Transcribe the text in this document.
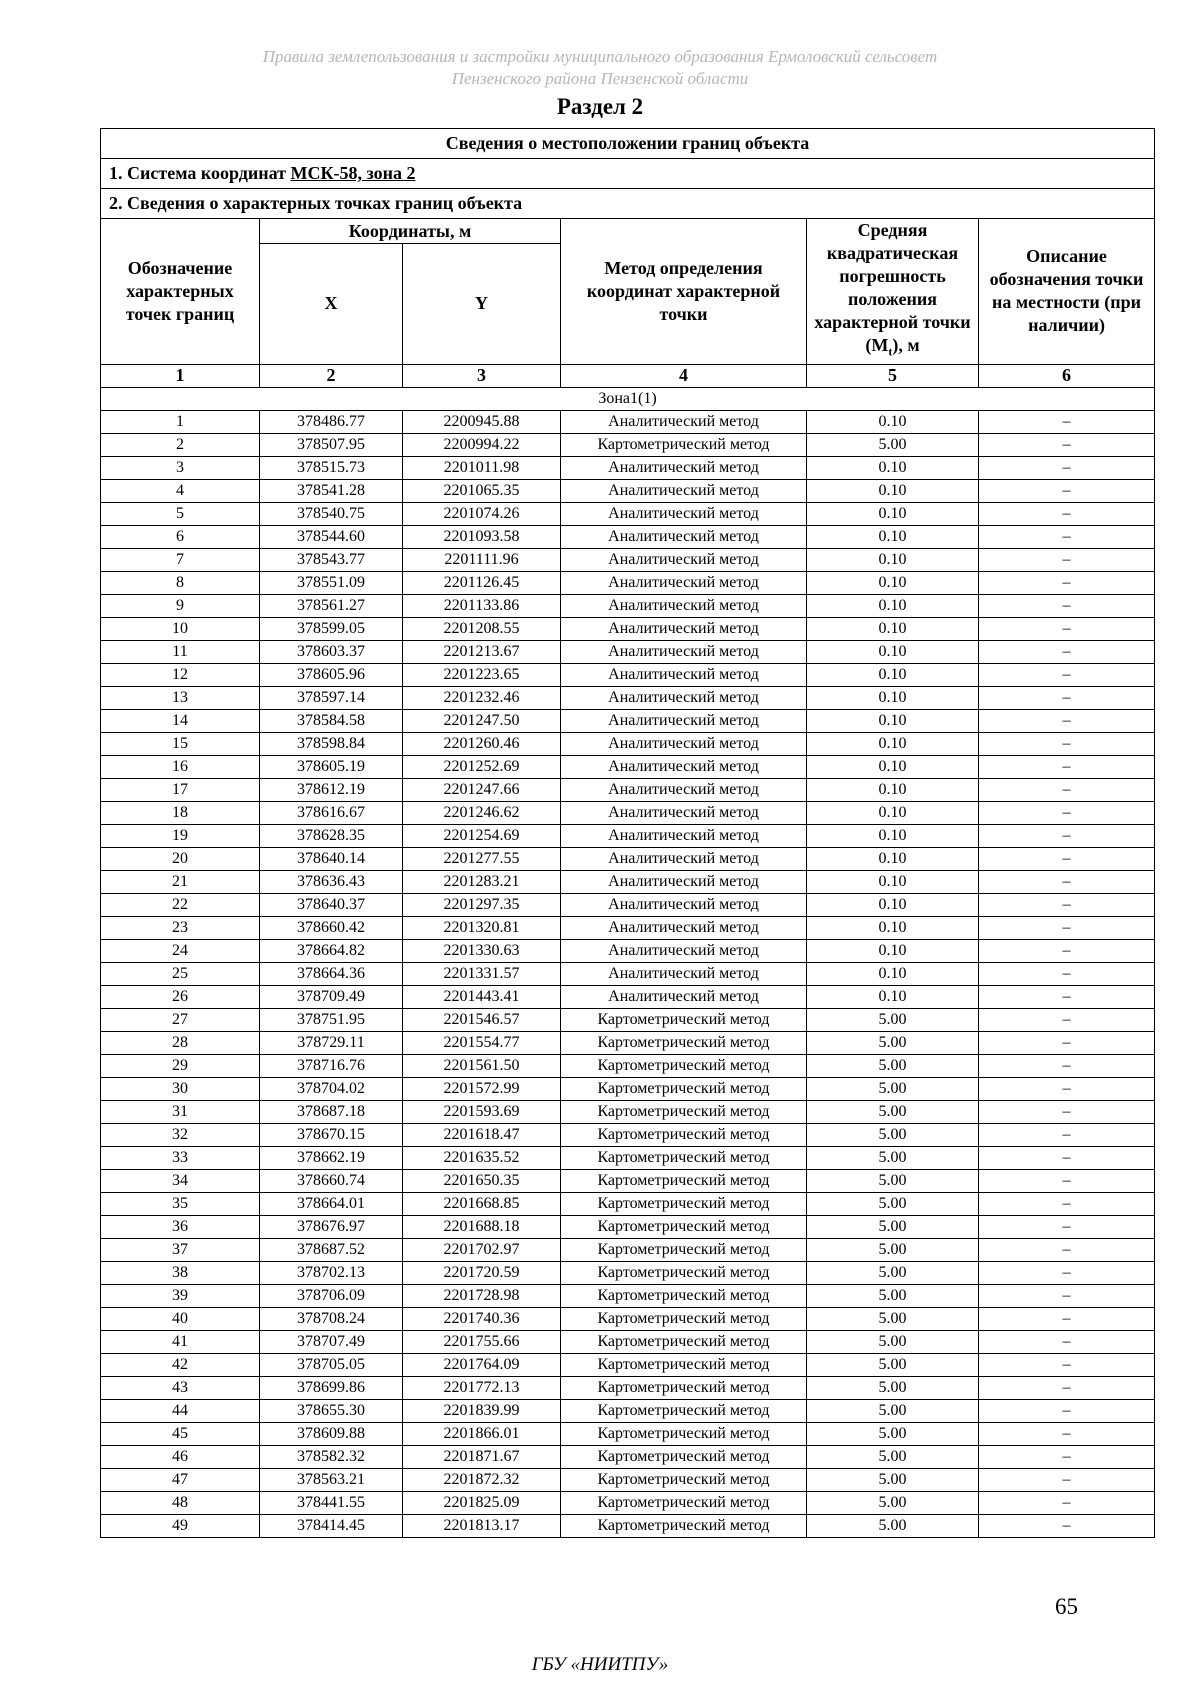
Правила землепользования и застройки муниципального образования Ермоловский сельсовет
Пензенского района Пензенской области
Раздел 2
Сведения о местоположении границ объекта					
1. Система координат МСК-58, зона 2					
2. Сведения о характерных точках границ объекта					
Обозначение характерных точек границ	Координаты, м		Метод определения координат характерной точки	Средняя квадратическая погрешность положения характерной точки $(M_t)$, м	Описание обозначения точки на местности (при наличии)
	X	Y			
1	2	3	4	5	6
Зона1(1)					
1	378486.77	2200945.88	Аналитический метод	0.10	–
2	378507.95	2200994.22	Картометрический метод	5.00	–
3	378515.73	2201011.98	Аналитический метод	0.10	–
4	378541.28	2201065.35	Аналитический метод	0.10	–
5	378540.75	2201074.26	Аналитический метод	0.10	–
6	378544.60	2201093.58	Аналитический метод	0.10	–
7	378543.77	2201111.96	Аналитический метод	0.10	–
8	378551.09	2201126.45	Аналитический метод	0.10	–
9	378561.27	2201133.86	Аналитический метод	0.10	–
10	378599.05	2201208.55	Аналитический метод	0.10	–
11	378603.37	2201213.67	Аналитический метод	0.10	–
12	378605.96	2201223.65	Аналитический метод	0.10	–
13	378597.14	2201232.46	Аналитический метод	0.10	–
14	378584.58	2201247.50	Аналитический метод	0.10	–
15	378598.84	2201260.46	Аналитический метод	0.10	–
16	378605.19	2201252.69	Аналитический метод	0.10	–
17	378612.19	2201247.66	Аналитический метод	0.10	–
18	378616.67	2201246.62	Аналитический метод	0.10	–
19	378628.35	2201254.69	Аналитический метод	0.10	–
20	378640.14	2201277.55	Аналитический метод	0.10	–
21	378636.43	2201283.21	Аналитический метод	0.10	–
22	378640.37	2201297.35	Аналитический метод	0.10	–
23	378660.42	2201320.81	Аналитический метод	0.10	–
24	378664.82	2201330.63	Аналитический метод	0.10	–
25	378664.36	2201331.57	Аналитический метод	0.10	–
26	378709.49	2201443.41	Аналитический метод	0.10	–
27	378751.95	2201546.57	Картометрический метод	5.00	–
28	378729.11	2201554.77	Картометрический метод	5.00	–
29	378716.76	2201561.50	Картометрический метод	5.00	–
30	378704.02	2201572.99	Картометрический метод	5.00	–
31	378687.18	2201593.69	Картометрический метод	5.00	–
32	378670.15	2201618.47	Картометрический метод	5.00	–
33	378662.19	2201635.52	Картометрический метод	5.00	–
34	378660.74	2201650.35	Картометрический метод	5.00	–
35	378664.01	2201668.85	Картометрический метод	5.00	–
36	378676.97	2201688.18	Картометрический метод	5.00	–
37	378687.52	2201702.97	Картометрический метод	5.00	–
38	378702.13	2201720.59	Картометрический метод	5.00	–
39	378706.09	2201728.98	Картометрический метод	5.00	–
40	378708.24	2201740.36	Картометрический метод	5.00	–
41	378707.49	2201755.66	Картометрический метод	5.00	–
42	378705.05	2201764.09	Картометрический метод	5.00	–
43	378699.86	2201772.13	Картометрический метод	5.00	–
44	378655.30	2201839.99	Картометрический метод	5.00	–
45	378609.88	2201866.01	Картометрический метод	5.00	–
46	378582.32	2201871.67	Картометрический метод	5.00	–
47	378563.21	2201872.32	Картометрический метод	5.00	–
48	378441.55	2201825.09	Картометрический метод	5.00	–
49	378414.45	2201813.17	Картометрический метод	5.00	–
65
ГБУ «НИИТПУ»
